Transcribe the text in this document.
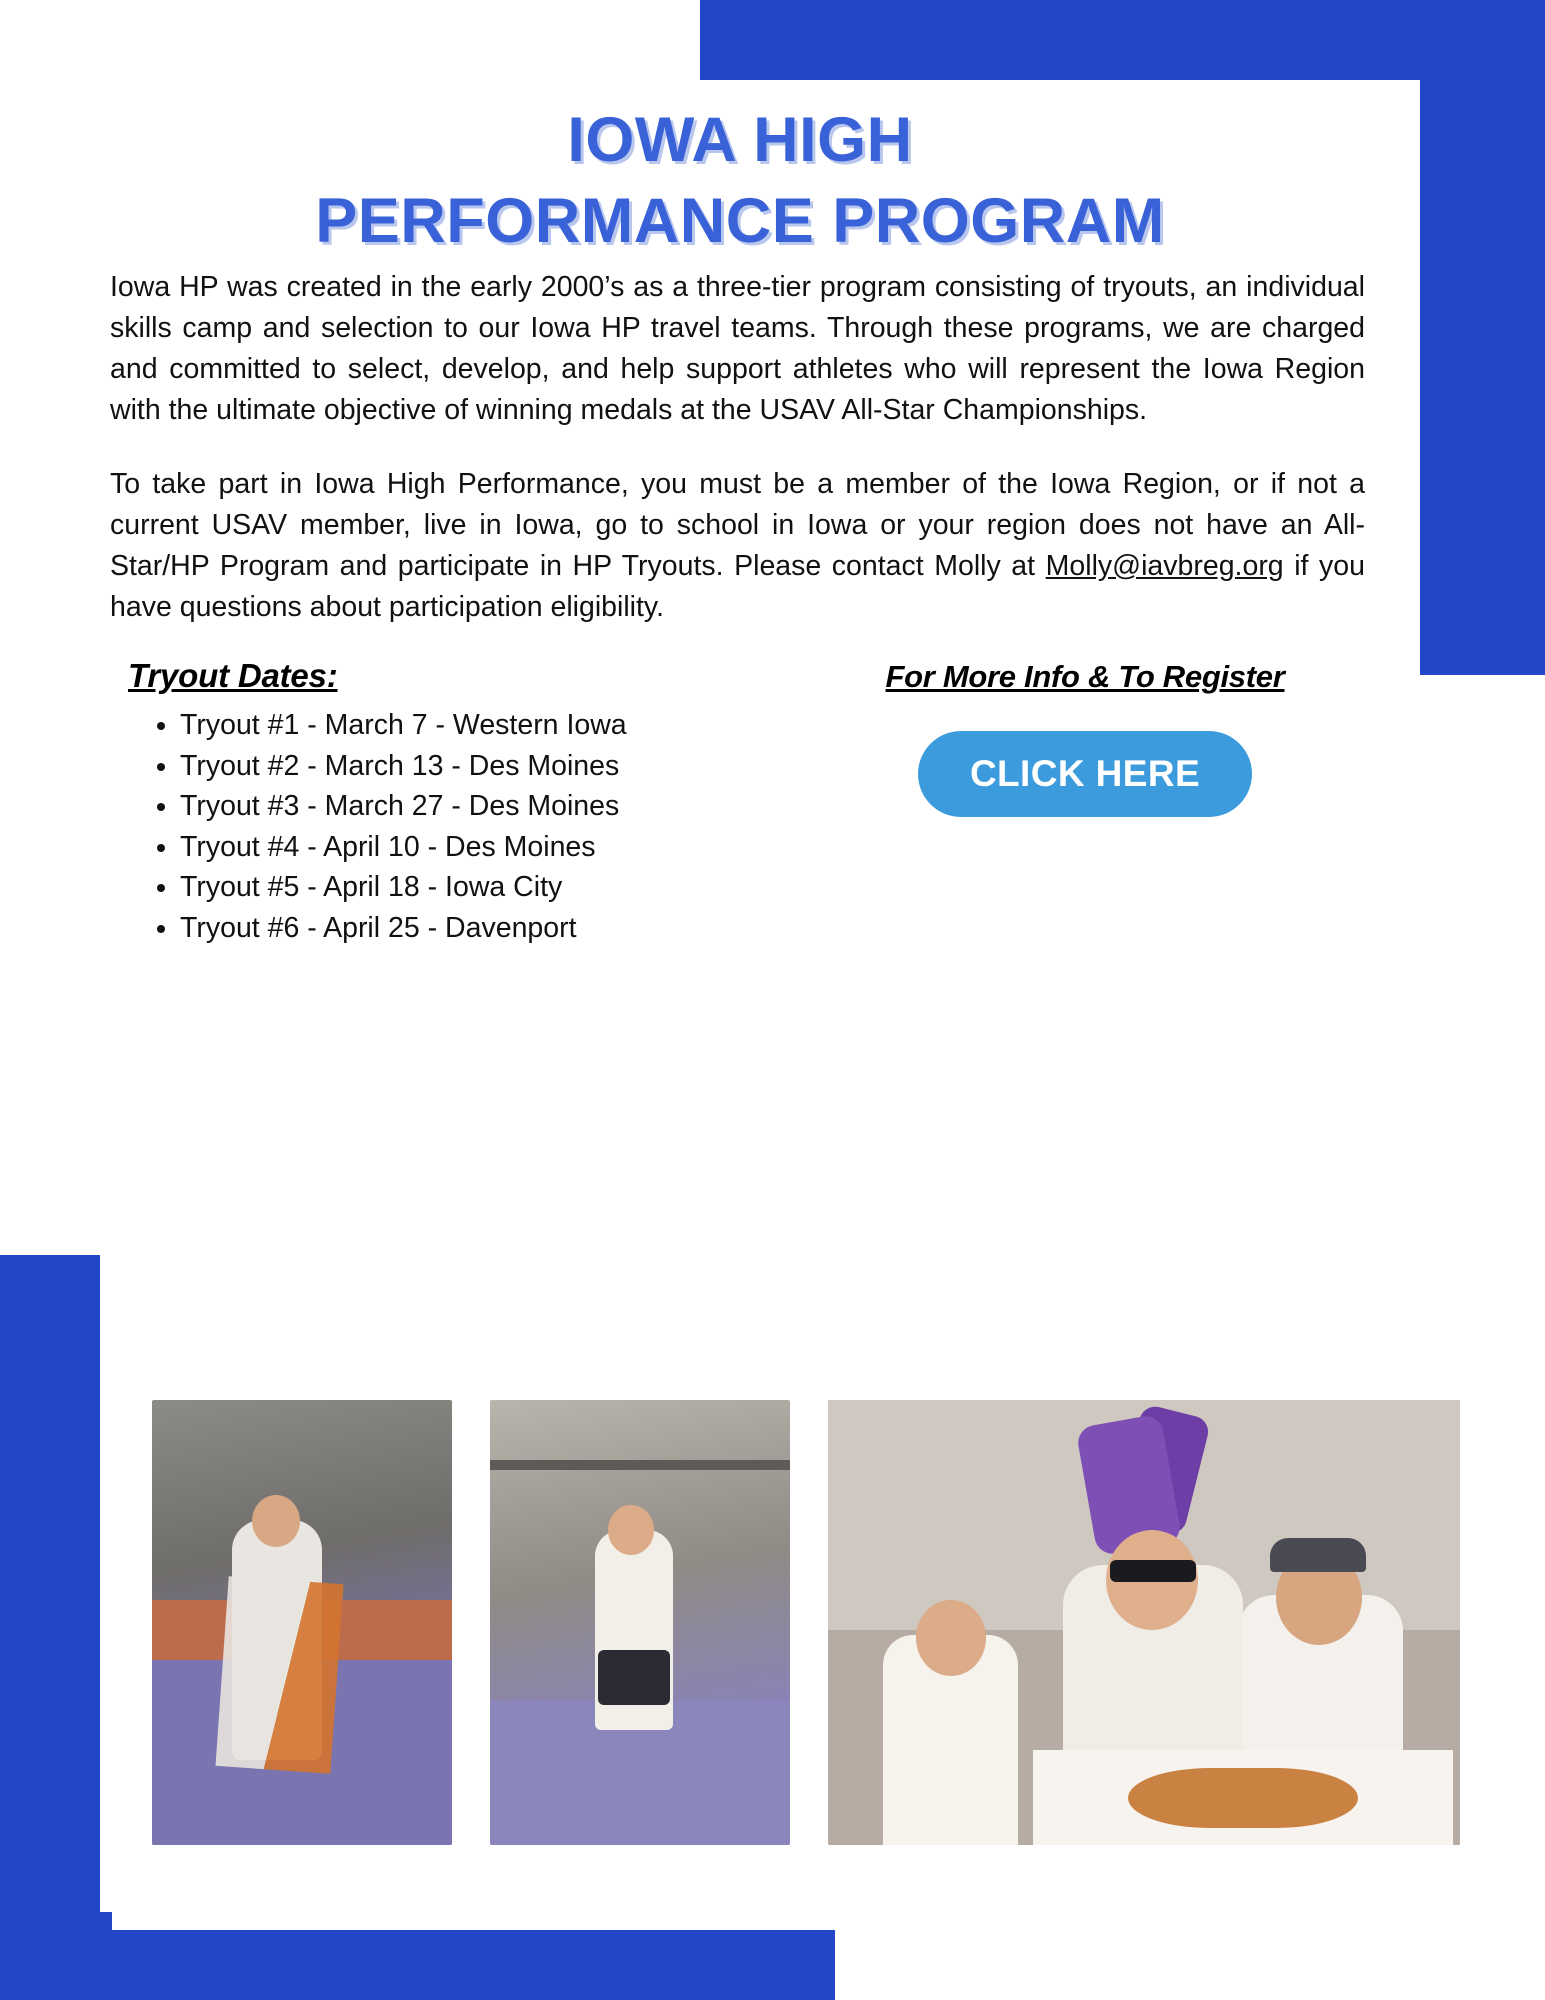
IOWA HIGH
PERFORMANCE PROGRAM

Iowa HP was created in the early 2000’s as a three-tier program consisting of tryouts, an individual skills camp and selection to our Iowa HP travel teams. Through these programs, we are charged and committed to select, develop, and help support athletes who will represent the Iowa Region with the ultimate objective of winning medals at the USAV All-Star Championships.

To take part in Iowa High Performance, you must be a member of the Iowa Region, or if not a current USAV member, live in Iowa, go to school in Iowa or your region does not have an All-Star/HP Program and participate in HP Tryouts. Please contact Molly at Molly@iavbreg.org if you have questions about participation eligibility.

Tryout Dates:
• Tryout #1 - March 7 - Western Iowa
• Tryout #2 - March 13 - Des Moines
• Tryout #3 - March 27 - Des Moines
• Tryout #4 - April 10 - Des Moines
• Tryout #5 - April 18 - Iowa City
• Tryout #6 - April 25 - Davenport
For More Info & To Register
CLICK HERE
